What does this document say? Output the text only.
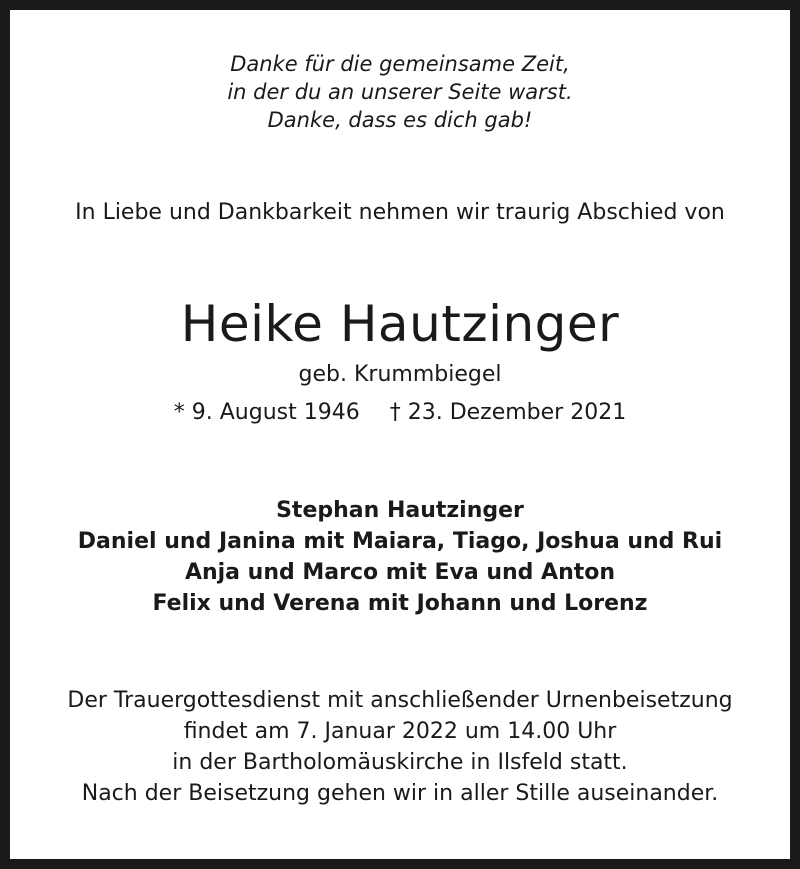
Danke für die gemeinsame Zeit,
in der du an unserer Seite warst.
Danke, dass es dich gab!
In Liebe und Dankbarkeit nehmen wir traurig Abschied von
Heike Hautzinger
geb. Krummbiegel
* 9. August 1946 † 23. Dezember 2021
Stephan Hautzinger
Daniel und Janina mit Maiara, Tiago, Joshua und Rui
Anja und Marco mit Eva und Anton
Felix und Verena mit Johann und Lorenz
Der Trauergottesdienst mit anschließender Urnenbeisetzung
findet am 7. Januar 2022 um 14.00 Uhr
in der Bartholomäuskirche in Ilsfeld statt.
Nach der Beisetzung gehen wir in aller Stille auseinander.
